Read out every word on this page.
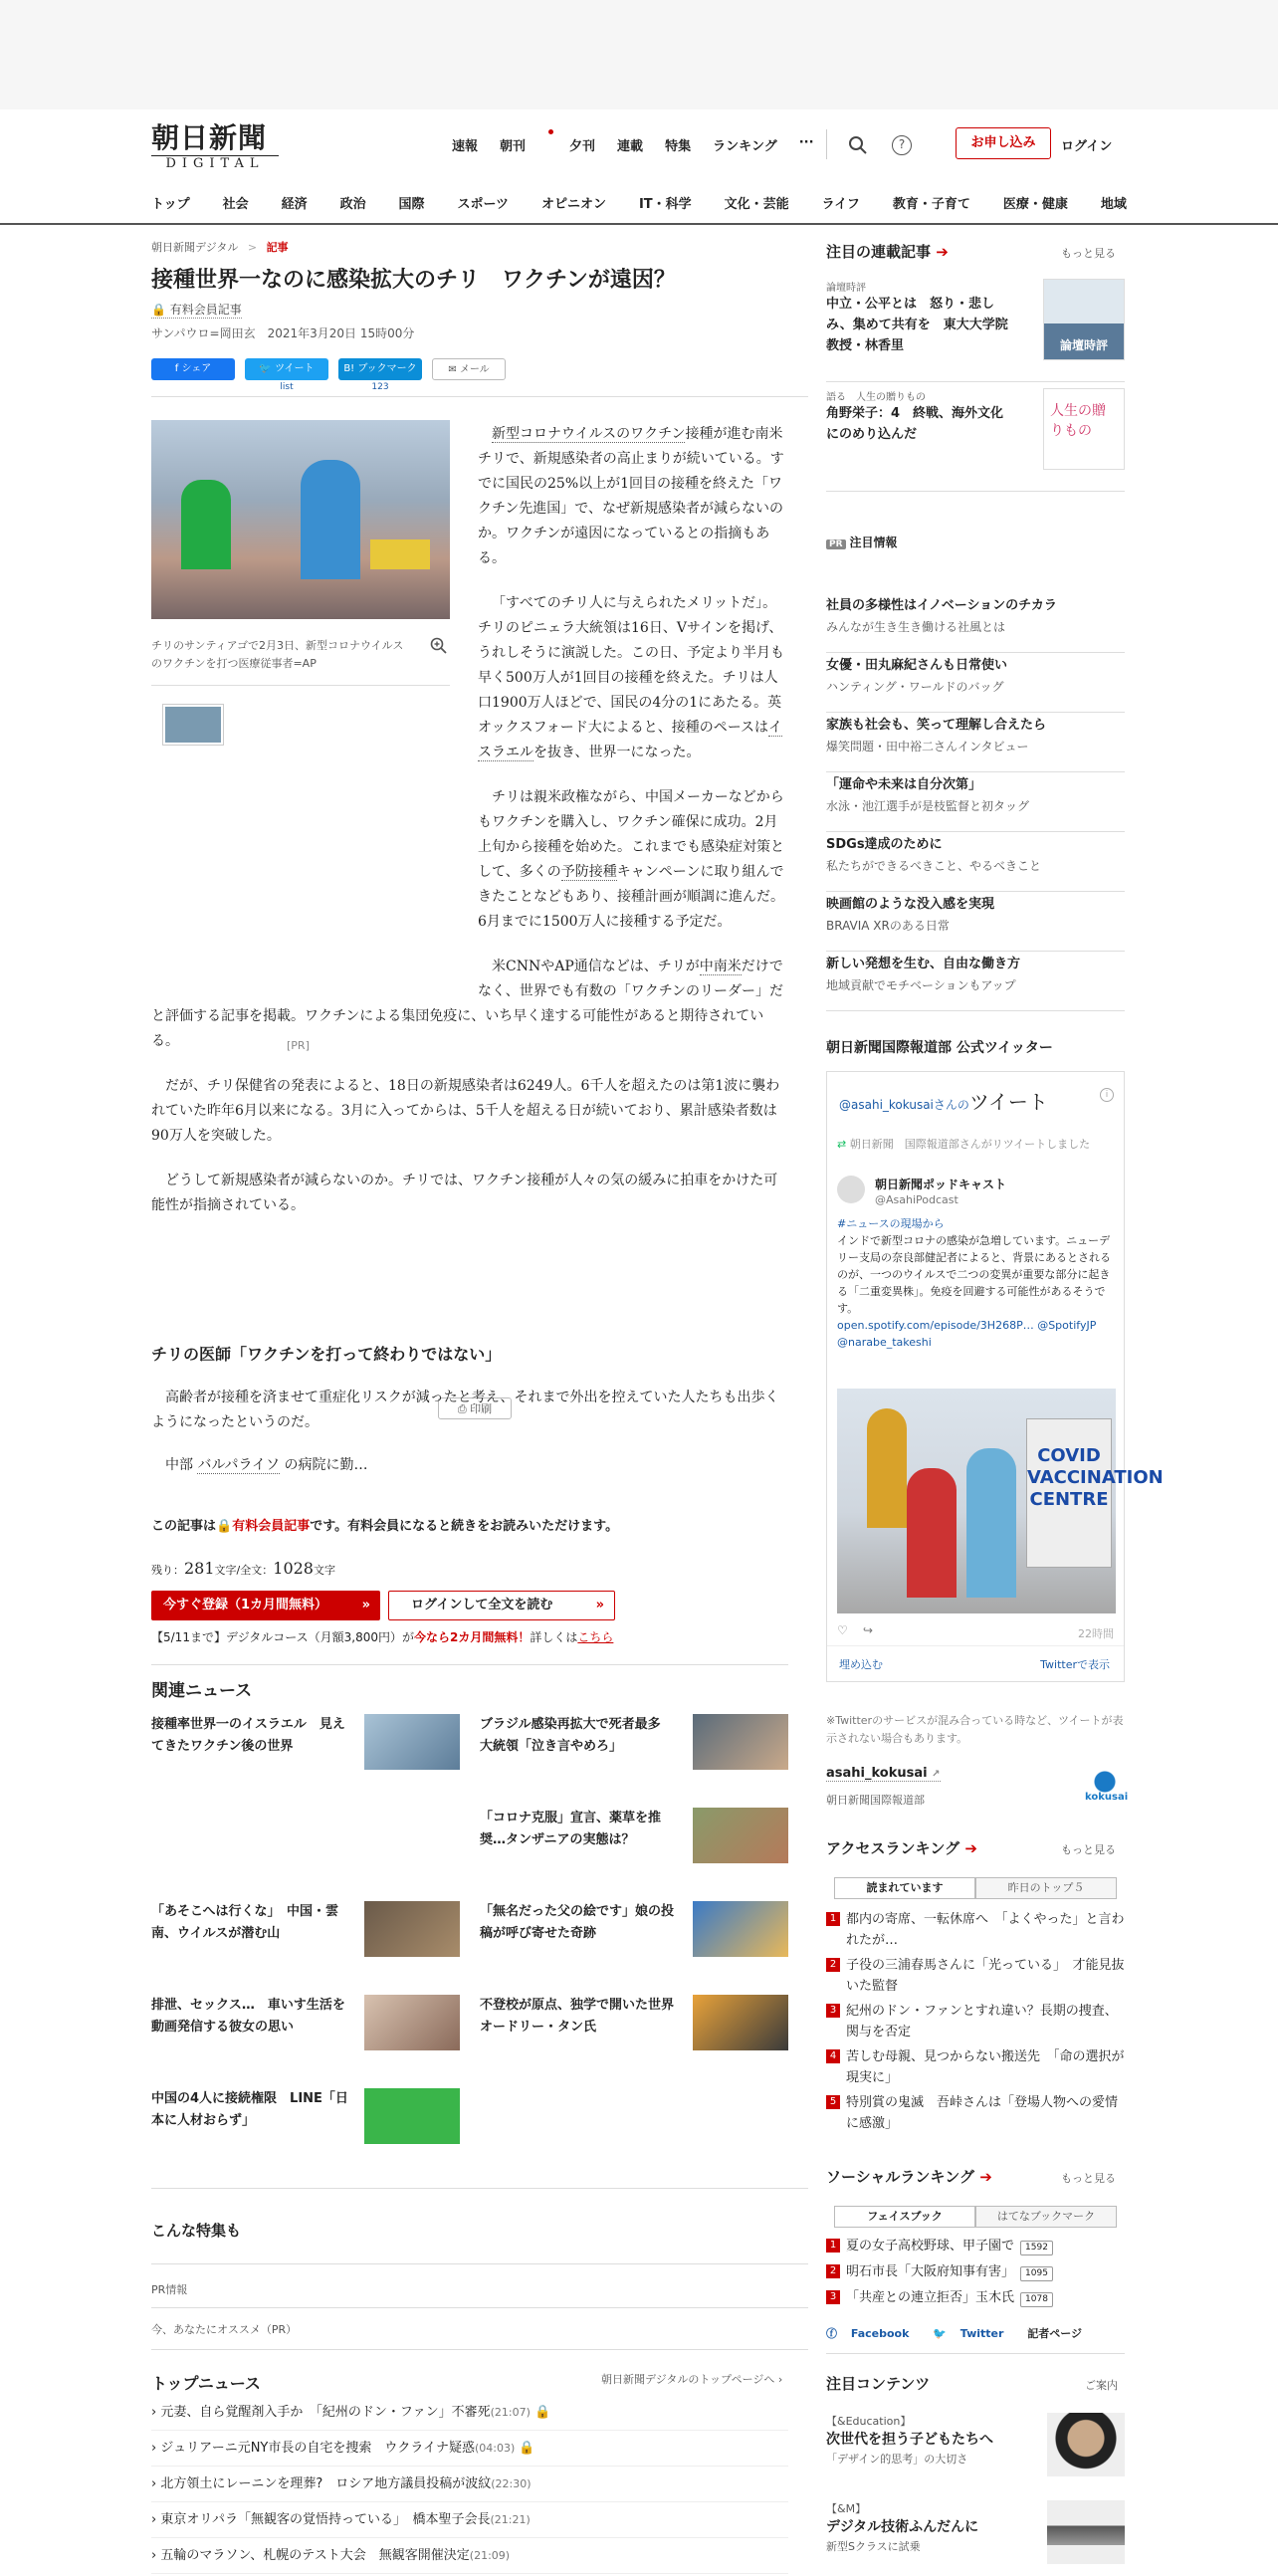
朝日新聞
DIGITAL
速報 朝刊	夕刊 連載 特集 ランキング ···	?	お申し込み	ログイン
トップ	社会	経済	政治	国際	スポーツ	オピニオン	IT・科学	文化・芸能	ライフ	教育・子育て	医療・健康	地域
朝日新聞デジタル > 記事
接種世界一なのに感染拡大のチリ　ワクチンが遠因？
🔒 有料会員記事
サンパウロ=岡田玄　2021年3月20日 15時00分
f シェア	🐦 ツイート
list
B! ブックマーク
123
✉ メール
⎙ 印刷
チリのサンティアゴで2月3日、新型コロナウイルスのワクチンを打つ医療従事者=AP
[PR]

新型コロナウイルスのワクチン接種が進む南米チリで、新規感染者の高止まりが続いている。すでに国民の25%以上が1回目の接種を終えた「ワクチン先進国」で、なぜ新規感染者が減らないのか。ワクチンが遠因になっているとの指摘もある。

「すべてのチリ人に与えられたメリットだ」。チリのピニェラ大統領は16日、Vサインを掲げ、うれしそうに演説した。この日、予定より半月も早く500万人が1回目の接種を終えた。チリは人口1900万人ほどで、国民の4分の1にあたる。英オックスフォード大によると、接種のペースはイスラエルを抜き、世界一になった。

チリは親米政権ながら、中国メーカーなどからもワクチンを購入し、ワクチン確保に成功。2月上旬から接種を始めた。これまでも感染症対策として、多くの予防接種キャンペーンに取り組んできたことなどもあり、接種計画が順調に進んだ。6月までに1500万人に接種する予定だ。

米CNNやAP通信などは、チリが中南米だけでなく、世界でも有数の「ワクチンのリーダー」だと評価する記事を掲載。ワクチンによる集団免疫に、いち早く達する可能性があると期待されている。

だが、チリ保健省の発表によると、18日の新規感染者は6249人。6千人を超えたのは第1波に襲われていた昨年6月以来になる。3月に入ってからは、5千人を超える日が続いており、累計感染者数は90万人を突破した。

どうして新規感染者が減らないのか。チリでは、ワクチン接種が人々の気の緩みに拍車をかけた可能性が指摘されている。

チリの医師「ワクチンを打って終わりではない」

高齢者が接種を済ませて重症化リスクが減ったと考え、それまで外出を控えていた人たちも出歩くようになったというのだ。

中部 バルパライソ の病院に勤…

この記事は🔒有料会員記事です。有料会員になると続きをお読みいただけます。
残り：281文字/全文：1028文字
今すぐ登録（1カ月間無料）	»	ログインして全文を読む	»
【5/11まで】デジタルコース（月額3,800円）が今なら2カ月間無料！詳しくはこちら
関連ニュース
接種率世界一のイスラエル　見えてきたワクチン後の世界
ブラジル感染再拡大で死者最多　大統領「泣き言やめろ」
「コロナ克服」宣言、薬草を推奨…タンザニアの実態は？
「あそこへは行くな」　中国・雲南、ウイルスが潜む山
「無名だった父の絵です」娘の投稿が呼び寄せた奇跡
排泄、セックス…　車いす生活を動画発信する彼女の思い
不登校が原点、独学で開いた世界　オードリー・タン氏
中国の4人に接続権限　LINE「日本に人材おらず」
こんな特集も
PR情報
今、あなたにオススメ（PR）
トップニュース	朝日新聞デジタルのトップページへ ›
› 元妻、自ら覚醒剤入手か　「紀州のドン・ファン」不審死(21:07) 🔒
› ジュリアーニ元NY市長の自宅を捜索　ウクライナ疑惑(04:03) 🔒
› 北方領土にレーニンを理葬?　ロシア地方議員投稿が波紋(22:30)
› 東京オリパラ「無観客の覚悟持っている」　橋本聖子会長(21:21)
› 五輪のマラソン、札幌のテスト大会　無観客開催決定(21:09)
注目の連載記事 ➔	もっと見る
論壇時評
中立・公平とは　怒り・悲しみ、集めて共有を　東大大学院教授・林香里	論壇時評
語る　人生の贈りもの
角野栄子：4　終戦、海外文化にのめり込んだ
人生の贈りもの
PR 注目情報
社員の多様性はイノベーションのチカラ
みんなが生き生き働ける社風とは
女優・田丸麻紀さんも日常使い
ハンティング・ワールドのバッグ
家族も社会も、笑って理解し合えたら
爆笑問題・田中裕二さんインタビュー
「運命や未来は自分次第」
水泳・池江選手が是枝監督と初タッグ
SDGs達成のために
私たちができるべきこと、やるべきこと
映画館のような没入感を実現
BRAVIA XRのある日常
新しい発想を生む、自由な働き方
地域貢献でモチベーションもアップ
朝日新聞国際報道部 公式ツイッター
@asahi_kokusaiさんのツイート	i
⇄ 朝日新聞　国際報道部さんがリツイートしました
朝日新聞ポッドキャスト
@AsahiPodcast
#ニュースの現場から
インドで新型コロナの感染が急増しています。ニューデリー支局の奈良部健記者によると、背景にあるとされるのが、一つのウイルスで二つの変異が重要な部分に起きる「二重変異株」。免疫を回避する可能性があるそうです。
open.spotify.com/episode/3H268P… @SpotifyJP
@narabe_takeshi
COVID VACCINATION CENTRE
♡ ↪	22時間
埋め込む	Twitterで表示
※Twitterのサービスが混み合っている時など、ツイートが表示されない場合もあります。
asahi_kokusai ↗
朝日新聞国際報道部	kokusai
アクセスランキング ➔	もっと見る
読まれています	昨日のトップ５
1 都内の寄席、一転休席へ　「よくやった」と言われたが…
2 子役の三浦春馬さんに「光っている」　才能見抜いた監督
3 紀州のドン・ファンとすれ違い？長期の捜査、関与を否定
4 苦しむ母親、見つからない搬送先　「命の選択が現実に」
5 特別賞の鬼滅　吾峠さんは「登場人物への愛情に感激」
ソーシャルランキング ➔	もっと見る
フェイスブック	はてなブックマーク
1 夏の女子高校野球、甲子園で 1592
2 明石市長「大阪府知事有害」 1095
3 「共産との連立拒否」玉木氏 1078
ⓕ Facebook 🐦 Twitter 記者ページ
注目コンテンツ	ご案内
【&Education】
次世代を担う子どもたちへ
「デザイン的思考」の大切さ
【&M】
デジタル技術ふんだんに
新型Sクラスに試乗
